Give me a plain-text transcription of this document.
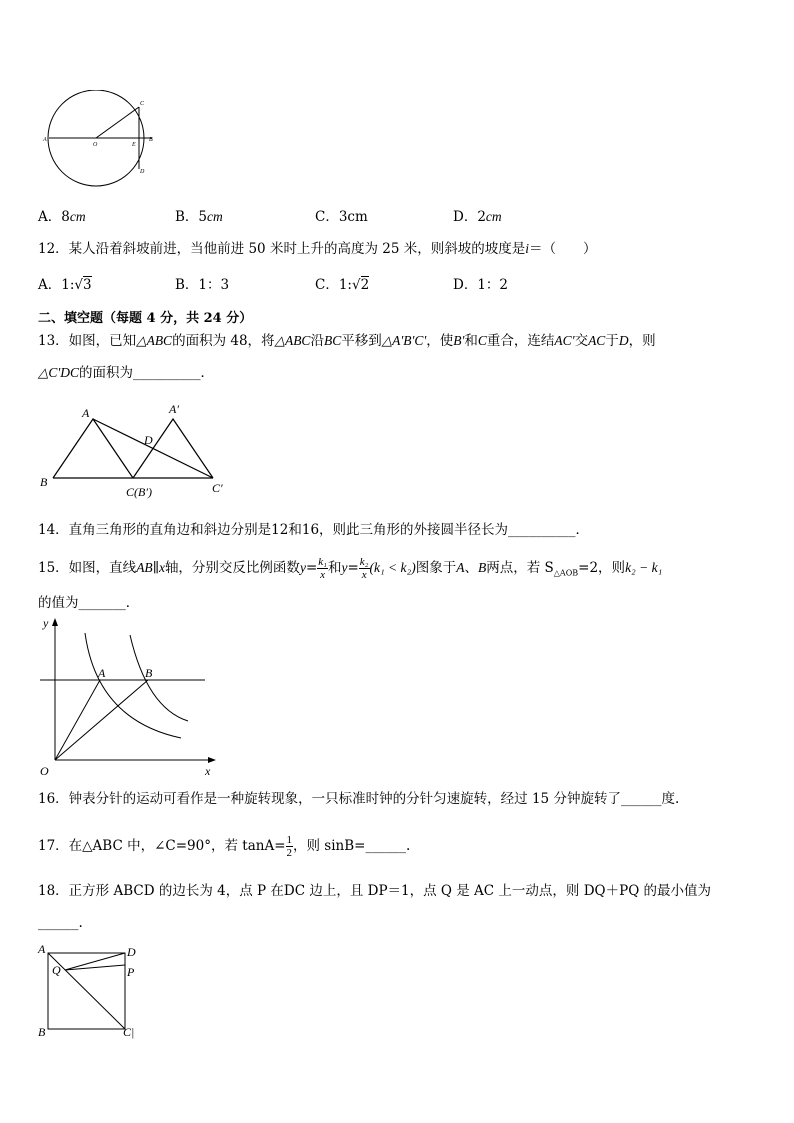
A
O	E
B
C
D
A．8cm	B．5cm	C．3cm	D．2cm
12．某人沿着斜坡前进，当他前进 50 米时上升的高度为 25 米，则斜坡的坡度是i＝（　　）
A．1:√3	B．1：3	C．1:√2	D．1：2
二、填空题（每题 4 分，共 24 分）
13．如图，已知△ABC的面积为 48，将△ABC沿BC平移到△A'B'C'，使B'和C重合，连结AC'交AC于D，则
△C'DC的面积为__________．
A	A′
D
B
C(B′)	C′
14．直角三角形的直角边和斜边分别是12和16，则此三角形的外接圆半径长为__________．
15．如图，直线AB∥x轴，分别交反比例函数$y= \frac{\text{k₁}}{x}$ 和$y= \frac{\text{k₂}}{x} (k_1 < k_2)$图象于A、B两点，若 $S_{\triangle AOB}=2$，则k₂ − k₁
的值为_______．
y
x
O
A	B
16．钟表分针的运动可看作是一种旋转现象，一只标准时钟的分针匀速旋转，经过 15 分钟旋转了______度.
17．在△ABC 中，∠C=90°，若 $\tan A= \frac{1}{2}$ ，则 sinB=______.
18．正方形 ABCD 的边长为 4，点 P 在DC 边上，且 DP＝1，点 Q 是 AC 上一动点，则 DQ＋PQ 的最小值为
______.
A	D
Q	P
B	C|
